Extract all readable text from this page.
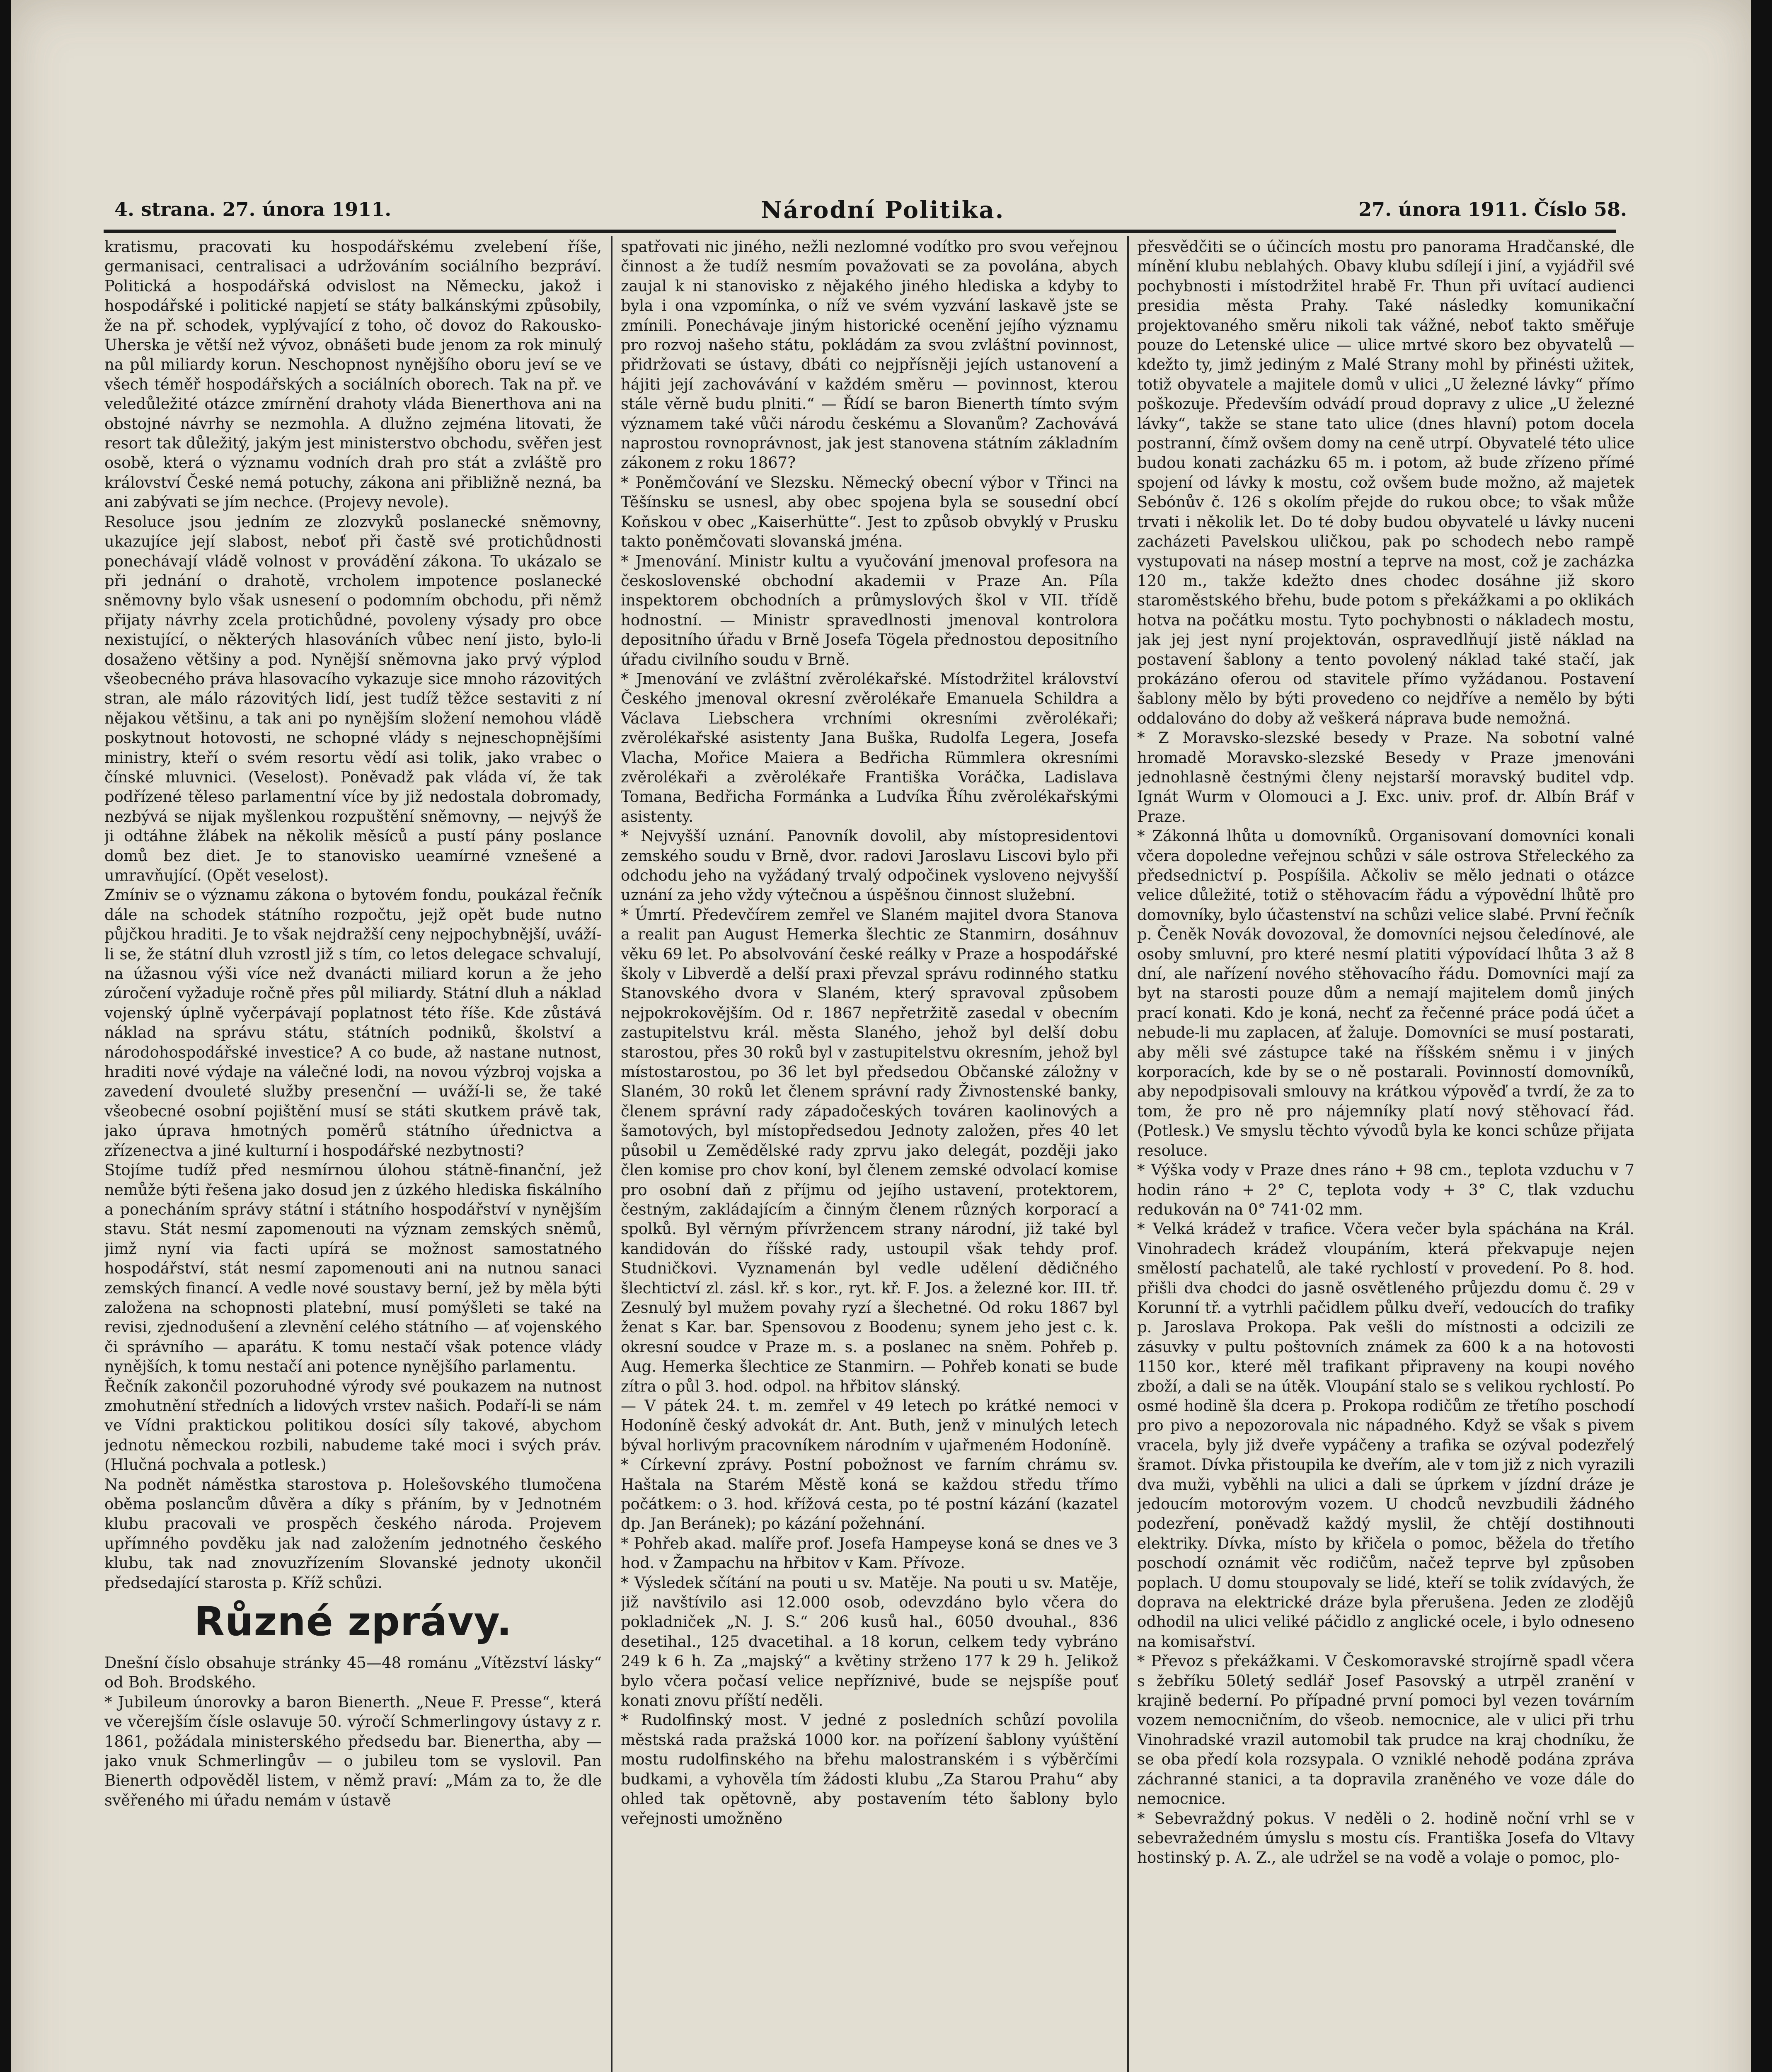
4. strana. 27. února 1911.	Národní Politika.	27. února 1911. Číslo 58.

kratismu, pracovati ku hospodářskému zvelebení říše, germanisaci, centralisaci a udržováním sociálního bezpráví. Politická a hospodářská odvislost na Německu, jakož i hospodářské i politické napjetí se státy balkánskými způsobily, že na př. schodek, vyplývající z toho, oč dovoz do Rakousko-Uherska je větší než vývoz, obnášeti bude jenom za rok minulý na půl miliardy korun. Neschopnost nynějšího oboru jeví se ve všech téměř hospodářských a sociálních oborech. Tak na př. ve veledůležité otázce zmírnění drahoty vláda Bienerthova ani na obstojné návrhy se nezmohla. A dlužno zejména litovati, že resort tak důležitý, jakým jest ministerstvo obchodu, svěřen jest osobě, která o významu vodních drah pro stát a zvláště pro království České nemá potuchy, zákona ani přibližně nezná, ba ani zabývati se jím nechce. (Projevy nevole).

Resolucе jsou jedním ze zlozvyků poslanecké sněmovny, ukazujíce její slabost, neboť při častě své protichůdnosti ponechávají vládě volnost v provádění zákona. To ukázalo se při jednání o drahotě, vrcholem impotence poslanecké sněmovny bylo však usnesení o podomním obchodu, při němž přijaty návrhy zcela protichůdné, povoleny výsady pro obce nexistující, o některých hlasováních vůbec není jisto, bylo-li dosaženo většiny a pod. Nynější sněmovna jako prvý výplod všeobecného práva hlasovacího vykazuje sice mnoho rázovitých stran, ale málo rázovitých lidí, jest tudíž těžce sestaviti z ní nějakou většinu, a tak ani po nynějším složení nemohou vládě poskytnout hotovosti, ne schopné vlády s nejneschopnějšími ministry, kteří o svém resortu vědí asi tolik, jako vrabec o čínské mluvnici. (Veselost). Poněvadž pak vláda ví, že tak podřízené těleso parlamentní více by již nedostala dobromady, nezbývá se nijak myšlenkou rozpuštění sněmovny, — nejvýš že ji odtáhne žlábek na několik měsíců a pustí pány poslance domů bez diet. Je to stanovisko ueamírné vznešené a umravňující. (Opět veselost).

Zmíniv se o významu zákona o bytovém fondu, poukázal řečník dále na schodek státního rozpočtu, jejž opět bude nutno půjčkou hraditi. Je to však nejdražší ceny nejpochybnější, uváží-li se, že státní dluh vzrostl již s tím, co letos delegace schvalují, na úžasnou výši více než dvanácti miliard korun a že jeho zúročení vyžaduje ročně přes půl miliardy. Státní dluh a náklad vojenský úplně vyčerpávají poplatnost této říše. Kde zůstává náklad na správu státu, státních podniků, školství a národohospodářské investice? A co bude, až nastane nutnost, hraditi nové výdaje na válečné lodi, na novou výzbroj vojska a zavedení dvouleté služby presenční — uváží-li se, že také všeobecné osobní pojištění musí se státi skutkem právě tak, jako úprava hmotných poměrů státního úřednictva a zřízenectva a jiné kulturní i hospodářské nezbytnosti?

Stojíme tudíž před nesmírnou úlohou státně-finanční, jež nemůže býti řešena jako dosud jen z úzkého hlediska fiskálního a ponecháním správy státní i státního hospodářství v nynějším stavu. Stát nesmí zapomenouti na význam zemských sněmů, jimž nyní via facti upírá se možnost samostatného hospodářství, stát nesmí zapomenouti ani na nutnou sanaci zemských financí. A vedle nové soustavy berní, jež by měla býti založena na schopnosti platební, musí pomýšleti se také na revisi, zjednodušení a zlevnění celého státního — ať vojenského či správního — aparátu. K tomu nestačí však potence vlády nynějších, k tomu nestačí ani potence nynějšího parlamentu.

Řečník zakončil pozoruhodné výrody své poukazem na nutnost zmohutnění středních a lidových vrstev našich. Podaří-li se nám ve Vídni praktickou politikou dosíci síly takové, abychom jednotu německou rozbili, nabudeme také moci i svých práv. (Hlučná pochvala a potlesk.)

Na podnět náměstka starostova p. Holešovského tlumočena oběma poslancům důvěra a díky s přáním, by v Jednotném klubu pracovali ve prospěch českého národa. Projevem upřímného povděku jak nad založením jednotného českého klubu, tak nad znovuzřízením Slovanské jednoty ukončil předsedající starosta p. Kříž schůzi.

Různé zprávy.

Dnešní číslo obsahuje stránky 45—48 románu „Vítězství lásky“ od Boh. Brodského.

* Jubileum únorovky a baron Bienerth. „Neue F. Presse“, která ve včerejším čísle oslavuje 50. výročí Schmerlingovy ústavy z r. 1861, požádala ministerského předsedu bar. Bienertha, aby — jako vnuk Schmerlingův — o jubileu tom se vyslovil. Pan Bienerth odpověděl listem, v němž praví: „Mám za to, že dle svěřeného mi úřadu nemám v ústavě

spatřovati nic jiného, nežli nezlomné vodítko pro svou veřejnou činnost a že tudíž nesmím považovati se za povolána, abych zaujal k ni stanovisko z nějakého jiného hlediska a kdyby to byla i ona vzpomínka, o níž ve svém vyzvání laskavě jste se zmínili. Ponechávaje jiným historické ocenění jejího významu pro rozvoj našeho státu, pokládám za svou zvláštní povinnost, přidržovati se ústavy, dbáti co nejpřísněji jejích ustanovení a hájiti její zachovávání v každém směru — povinnost, kterou stále věrně budu plniti.“ — Řídí se baron Bienerth tímto svým významem také vůči národu českému a Slovanům? Zachovává naprostou rovnoprávnost, jak jest stanovena státním základním zákonem z roku 1867?

* Poněmčování ve Slezsku. Německý obecní výbor v Třinci na Těšínsku se usnesl, aby obec spojena byla se sousední obcí Koňskou v obec „Kaiserhütte“. Jest to způsob obvyklý v Prusku takto poněmčovati slovanská jména.

* Jmenování. Ministr kultu a vyučování jmenoval profesora na československé obchodní akademii v Praze An. Píla inspektorem obchodních a průmyslových škol v VII. třídě hodnostní. — Ministr spravedlnosti jmenoval kontrolora depositního úřadu v Brně Josefa Tögela přednostou depositního úřadu civilního soudu v Brně.

* Jmenování ve zvláštní zvěrolékařské. Místodržitel království Českého jmenoval okresní zvěrolékaře Emanuela Schildra a Václava Liebschera vrchními okresními zvěrolékaři; zvěrolékařské asistenty Jana Buška, Rudolfa Legera, Josefa Vlacha, Mořice Maiera a Bedřicha Rümmlera okresními zvěrolékaři a zvěrolékaře Františka Voráčka, Ladislava Tomana, Bedřicha Formánka a Ludvíka Říhu zvěrolékařskými asistenty.

* Nejvyšší uznání. Panovník dovolil, aby místopresidentovi zemského soudu v Brně, dvor. radovi Jaroslavu Liscovi bylo při odchodu jeho na vyžádaný trvalý odpočinek vysloveno nejvyšší uznání za jeho vždy výtečnou a úspěšnou činnost služební.

* Úmrtí. Předevčírem zemřel ve Slaném majitel dvora Stanova a realit pan August Hemerka šlechtic ze Stanmirn, dosáhnuv věku 69 let. Po absolvování české reálky v Praze a hospodářské školy v Libverdě a delší praxi převzal správu rodinného statku Stanovského dvora v Slaném, který spravoval způsobem nejpokrokovějším. Od r. 1867 nepřetržitě zasedal v obecním zastupitelstvu král. města Slaného, jehož byl delší dobu starostou, přes 30 roků byl v zastupitelstvu okresním, jehož byl místostarostou, po 36 let byl předsedou Občanské záložny v Slaném, 30 roků let členem správní rady Živnostenské banky, členem správní rady západočeských továren kaolinových a šamotových, byl místopředsedou Jednoty založen, přes 40 let působil u Zemědělské rady zprvu jako delegát, později jako člen komise pro chov koní, byl členem zemské odvolací komise pro osobní daň z příjmu od jejího ustavení, protektorem, čestným, zakládajícím a činným členem různých korporací a spolků. Byl věrným přívržencem strany národní, již také byl kandidován do říšské rady, ustoupil však tehdy prof. Studničkovi. Vyznamenán byl vedle udělení dědičného šlechtictví zl. zásl. kř. s kor., ryt. kř. F. Jos. a železné kor. III. tř. Zesnulý byl mužem povahy ryzí a šlechetné. Od roku 1867 byl ženat s Kar. bar. Spensovou z Boodenu; synem jeho jest c. k. okresní soudce v Praze m. s. a poslanec na sněm. Pohřeb p. Aug. Hemerka šlechtice ze Stanmirn. — Pohřeb konati se bude zítra o půl 3. hod. odpol. na hřbitov slánský.

— V pátek 24. t. m. zemřel v 49 letech po krátké nemoci v Hodoníně český advokát dr. Ant. Buth, jenž v minulých letech býval horlivým pracovníkem národním v ujařmeném Hodoníně.

* Církevní zprávy. Postní pobožnost ve farním chrámu sv. Haštala na Starém Městě koná se každou středu třímo počátkem: o 3. hod. křížová cesta, po té postní kázání (kazatel dp. Jan Beránek); po kázání požehnání.

* Pohřeb akad. malíře prof. Josefa Hampeyse koná se dnes ve 3 hod. v Žampachu na hřbitov v Kam. Přívoze.

* Výsledek sčítání na pouti u sv. Matěje. Na pouti u sv. Matěje, již navštívilo asi 12.000 osob, odevzdáno bylo včera do pokladniček „N. J. S.“ 206 kusů hal., 6050 dvouhal., 836 desetihal., 125 dvacetihal. a 18 korun, celkem tedy vybráno 249 k 6 h. Za „majský“ a květiny strženo 177 k 29 h. Jelikož bylo včera počasí velice nepříznivé, bude se nejspíše pouť konati znovu příští neděli.

* Rudolfinský most. V jedné z posledních schůzí povolila městská rada pražská 1000 kor. na pořízení šablony vyúštění mostu rudolfinského na břehu malostranském i s výběrčími budkami, a vyhověla tím žádosti klubu „Za Starou Prahu“ aby ohled tak opětovně, aby postavením této šablony bylo veřejnosti umožněno

přesvědčiti se o účincích mostu pro panorama Hradčanské, dle mínění klubu neblahých. Obavy klubu sdílejí i jiní, a vyjádřil své pochybnosti i místodržitel hrabě Fr. Thun při uvítací audienci presidia města Prahy. Také následky komunikační projektovaného směru nikoli tak vážné, neboť takto směřuje pouze do Letenské ulice — ulice mrtvé skoro bez obyvatelů — kdežto ty, jimž jediným z Malé Strany mohl by přinésti užitek, totiž obyvatele a majitele domů v ulici „U železné lávky“ přímo poškozuje. Především odvádí proud dopravy z ulice „U železné lávky“, takže se stane tato ulice (dnes hlavní) potom docela postranní, čímž ovšem domy na ceně utrpí. Obyvatelé této ulice budou konati zacházku 65 m. i potom, až bude zřízeno přímé spojení od lávky k mostu, což ovšem bude možno, až majetek Sebónův č. 126 s okolím přejde do rukou obce; to však může trvati i několik let. Do té doby budou obyvatelé u lávky nuceni zacházeti Pavelskou uličkou, pak po schodech nebo rampě vystupovati na násep mostní a teprve na most, což je zacházka 120 m., takže kdežto dnes chodec dosáhne již skoro staroměstského břehu, bude potom s překážkami a po oklikách hotva na počátku mostu. Tyto pochybnosti o nákladech mostu, jak jej jest nyní projektován, ospravedlňují jistě náklad na postavení šablony a tento povolený náklad také stačí, jak prokázáno oferou od stavitele přímo vyžádanou. Postavení šablony mělo by býti provedeno co nejdříve a nemělo by býti oddalováno do doby až veškerá náprava bude nemožná.

* Z Moravsko-slezské besedy v Praze. Na sobotní valné hromadě Moravsko-slezské Besedy v Praze jmenováni jednohlasně čestnými členy nejstarší moravský buditel vdp. Ignát Wurm v Olomouci a J. Exc. univ. prof. dr. Albín Bráf v Praze.

* Zákonná lhůta u domovníků. Organisovaní domovníci konali včera dopoledne veřejnou schůzi v sále ostrova Střeleckého za předsednictví p. Pospíšila. Ačkoliv se mělo jednati o otázce velice důležité, totiž o stěhovacím řádu a výpovědní lhůtě pro domovníky, bylo účastenství na schůzi velice slabé. První řečník p. Čeněk Novák dovozoval, že domovníci nejsou čeledínové, ale osoby smluvní, pro které nesmí platiti výpovídací lhůta 3 až 8 dní, ale nařízení nového stěhovacího řádu. Domovníci mají za byt na starosti pouze dům a nemají majitelem domů jiných prací konati. Kdo je koná, nechť za řečenné práce podá účet a nebude-li mu zaplacen, ať žaluje. Domovníci se musí postarati, aby měli své zástupce také na říšském sněmu i v jiných korporacích, kde by se o ně postarali. Povinností domovníků, aby nepodpisovali smlouvy na krátkou výpověď a tvrdí, že za to tom, že pro ně pro nájemníky platí nový stěhovací řád. (Potlesk.) Ve smyslu těchto vývodů byla ke konci schůze přijata resoluce.

* Výška vody v Praze dnes ráno + 98 cm., teplota vzduchu v 7 hodin ráno + 2° C, teplota vody + 3° C, tlak vzduchu redukován na 0° 741·02 mm.

* Velká krádež v trafice. Včera večer byla spáchána na Král. Vinohradech krádež vloupáním, která překvapuje nejen smělostí pachatelů, ale také rychlostí v provedení. Po 8. hod. přišli dva chodci do jasně osvětleného průjezdu domu č. 29 v Korunní tř. a vytrhli pačidlem půlku dveří, vedoucích do trafiky p. Jaroslava Prokopa. Pak vešli do místnosti a odcizili ze zásuvky v pultu poštovních známek za 600 k a na hotovosti 1150 kor., které měl trafikant připraveny na koupi nového zboží, a dali se na útěk. Vloupání stalo se s velikou rychlostí. Po osmé hodině šla dcera p. Prokopa rodičům ze třetího poschodí pro pivo a nepozorovala nic nápadného. Když se však s pivem vracela, byly již dveře vypáčeny a trafika se ozýval podezřelý šramot. Dívka přistoupila ke dveřím, ale v tom již z nich vyrazili dva muži, vyběhli na ulici a dali se úprkem v jízdní dráze je jedoucím motorovým vozem. U chodců nevzbudili žádného podezření, poněvadž každý myslil, že chtějí dostihnouti elektriky. Dívka, místo by křičela o pomoc, běžela do třetího poschodí oznámit věc rodičům, načež teprve byl způsoben poplach. U domu stoupovaly se lidé, kteří se tolik zvídavých, že doprava na elektrické dráze byla přerušena. Jeden ze zlodějů odhodil na ulici veliké páčidlo z anglické ocele, i bylo odneseno na komisařství.

* Převoz s překážkami. V Českomoravské strojírně spadl včera s žebříku 50letý sedlář Josef Pasovský a utrpěl zranění v krajině bederní. Po případné první pomoci byl vezen továrním vozem nemocničním, do všeob. nemocnice, ale v ulici při trhu Vinohradské vrazil automobil tak prudce na kraj chodníku, že se oba předí kola rozsypala. O vzniklé nehodě podána zpráva záchranné stanici, a ta dopravila zraněného ve voze dále do nemocnice.

* Sebevraždný pokus. V neděli o 2. hodině noční vrhl se v sebevražedném úmyslu s mostu cís. Františka Josefa do Vltavy hostinský p. A. Z., ale udržel se na vodě a volaje o pomoc, plo-
